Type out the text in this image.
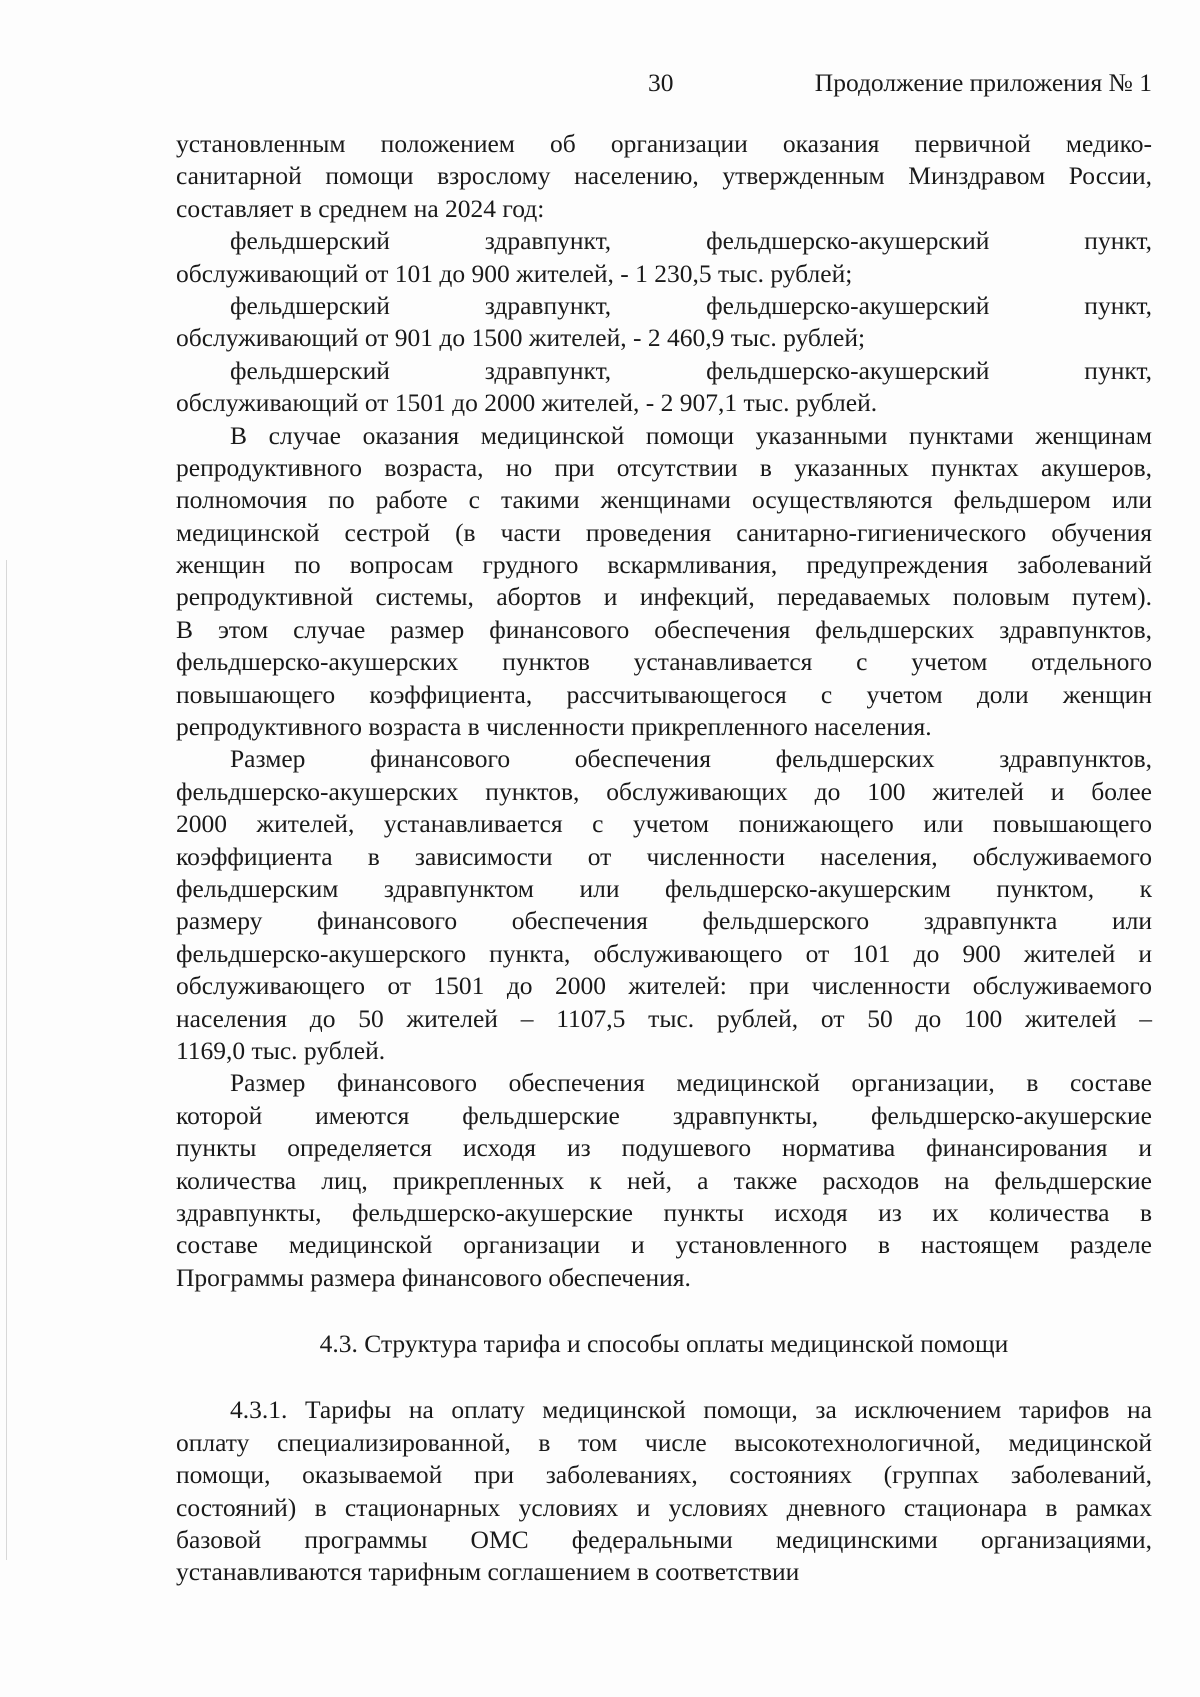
30	Продолжение приложения № 1
установленным положением об организации оказания первичной медико-
санитарной помощи взрослому населению, утвержденным Минздравом России,
составляет в среднем на 2024 год:
фельдшерский здравпункт, фельдшерско-акушерский пункт,
обслуживающий от 101 до 900 жителей, - 1 230,5 тыс. рублей;
фельдшерский здравпункт, фельдшерско-акушерский пункт,
обслуживающий от 901 до 1500 жителей, - 2 460,9 тыс. рублей;
фельдшерский здравпункт, фельдшерско-акушерский пункт,
обслуживающий от 1501 до 2000 жителей, - 2 907,1 тыс. рублей.
В случае оказания медицинской помощи указанными пунктами женщинам
репродуктивного возраста, но при отсутствии в указанных пунктах акушеров,
полномочия по работе с такими женщинами осуществляются фельдшером или
медицинской сестрой (в части проведения санитарно-гигиенического обучения
женщин по вопросам грудного вскармливания, предупреждения заболеваний
репродуктивной системы, абортов и инфекций, передаваемых половым путем).
В этом случае размер финансового обеспечения фельдшерских здравпунктов,
фельдшерско-акушерских пунктов устанавливается с учетом отдельного
повышающего коэффициента, рассчитывающегося с учетом доли женщин
репродуктивного возраста в численности прикрепленного населения.
Размер финансового обеспечения фельдшерских здравпунктов,
фельдшерско-акушерских пунктов, обслуживающих до 100 жителей и более
2000 жителей, устанавливается с учетом понижающего или повышающего
коэффициента в зависимости от численности населения, обслуживаемого
фельдшерским здравпунктом или фельдшерско-акушерским пунктом, к
размеру финансового обеспечения фельдшерского здравпункта или
фельдшерско-акушерского пункта, обслуживающего от 101 до 900 жителей и
обслуживающего от 1501 до 2000 жителей: при численности обслуживаемого
населения до 50 жителей – 1107,5 тыс. рублей, от 50 до 100 жителей –
1169,0 тыс. рублей.
Размер финансового обеспечения медицинской организации, в составе
которой имеются фельдшерские здравпункты, фельдшерско-акушерские
пункты определяется исходя из подушевого норматива финансирования и
количества лиц, прикрепленных к ней, а также расходов на фельдшерские
здравпункты, фельдшерско-акушерские пункты исходя из их количества в
составе медицинской организации и установленного в настоящем разделе
Программы размера финансового обеспечения.
4.3. Структура тарифа и способы оплаты медицинской помощи
4.3.1. Тарифы на оплату медицинской помощи, за исключением тарифов на
оплату специализированной, в том числе высокотехнологичной, медицинской
помощи, оказываемой при заболеваниях, состояниях (группах заболеваний,
состояний) в стационарных условиях и условиях дневного стационара в рамках
базовой программы ОМС федеральными медицинскими организациями,
устанавливаются тарифным соглашением в соответствии
